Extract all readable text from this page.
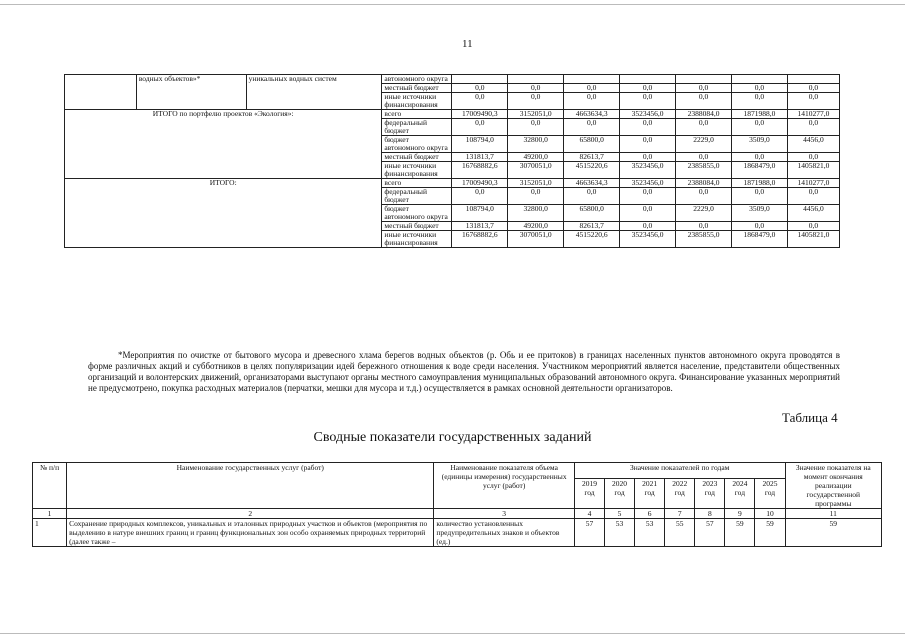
11
	водных объектов»*	уникальных водных систем	автономного округа							
			местный бюджет	0,0	0,0	0,0	0,0	0,0	0,0	0,0
			иные источники финансирования	0,0	0,0	0,0	0,0	0,0	0,0	0,0
ИТОГО по портфелю проектов «Экология»:			всего	17009490,3	3152051,0	4663634,3	3523456,0	2388084,0	1871988,0	1410277,0
			федеральный бюджет	0,0	0,0	0,0	0,0	0,0	0,0	0,0
			бюджет автономного округа	108794,0	32800,0	65800,0	0,0	2229,0	3509,0	4456,0
			местный бюджет	131813,7	49200,0	82613,7	0,0	0,0	0,0	0,0
			иные источники финансирования	16768882,6	3070051,0	4515220,6	3523456,0	2385855,0	1868479,0	1405821,0
ИТОГО:			всего	17009490,3	3152051,0	4663634,3	3523456,0	2388084,0	1871988,0	1410277,0
			федеральный бюджет	0,0	0,0	0,0	0,0	0,0	0,0	0,0
			бюджет автономного округа	108794,0	32800,0	65800,0	0,0	2229,0	3509,0	4456,0
			местный бюджет	131813,7	49200,0	82613,7	0,0	0,0	0,0	0,0
			иные источники финансирования	16768882,6	3070051,0	4515220,6	3523456,0	2385855,0	1868479,0	1405821,0

*Мероприятия по очистке от бытового мусора и древесного хлама берегов водных объектов (р. Обь и ее притоков) в границах населенных пунктов автономного округа проводятся в форме различных акций и субботников в целях популяризации идей бережного отношения к воде среди населения. Участником мероприятий является население, представители общественных организаций и волонтерских движений, организаторами выступают органы местного самоуправления муниципальных образований автономного округа. Финансирование указанных мероприятий не предусмотрено, покупка расходных материалов (перчатки, мешки для мусора и т.д.) осуществляется в рамках основной деятельности организаторов.

Таблица 4
Сводные показатели государственных заданий
№ п/п	Наименование государственных услуг (работ)	Наименование показателя объема (единицы измерения) государственных услуг (работ)	Значение показателей по годам							Значение показателя на момент окончания реализации государственной программы
			2019 год	2020 год	2021 год	2022 год	2023 год	2024 год	2025 год	
1	2	3	4	5	6	7	8	9	10	11
1	Сохранение природных комплексов, уникальных и эталонных природных участков и объектов (мероприятия по выделению в натуре внешних границ и границ функциональных зон особо охраняемых природных территорий (далее также –	количество установленных предупредительных знаков и объектов (ед.)	57	53	53	55	57	59	59	59
